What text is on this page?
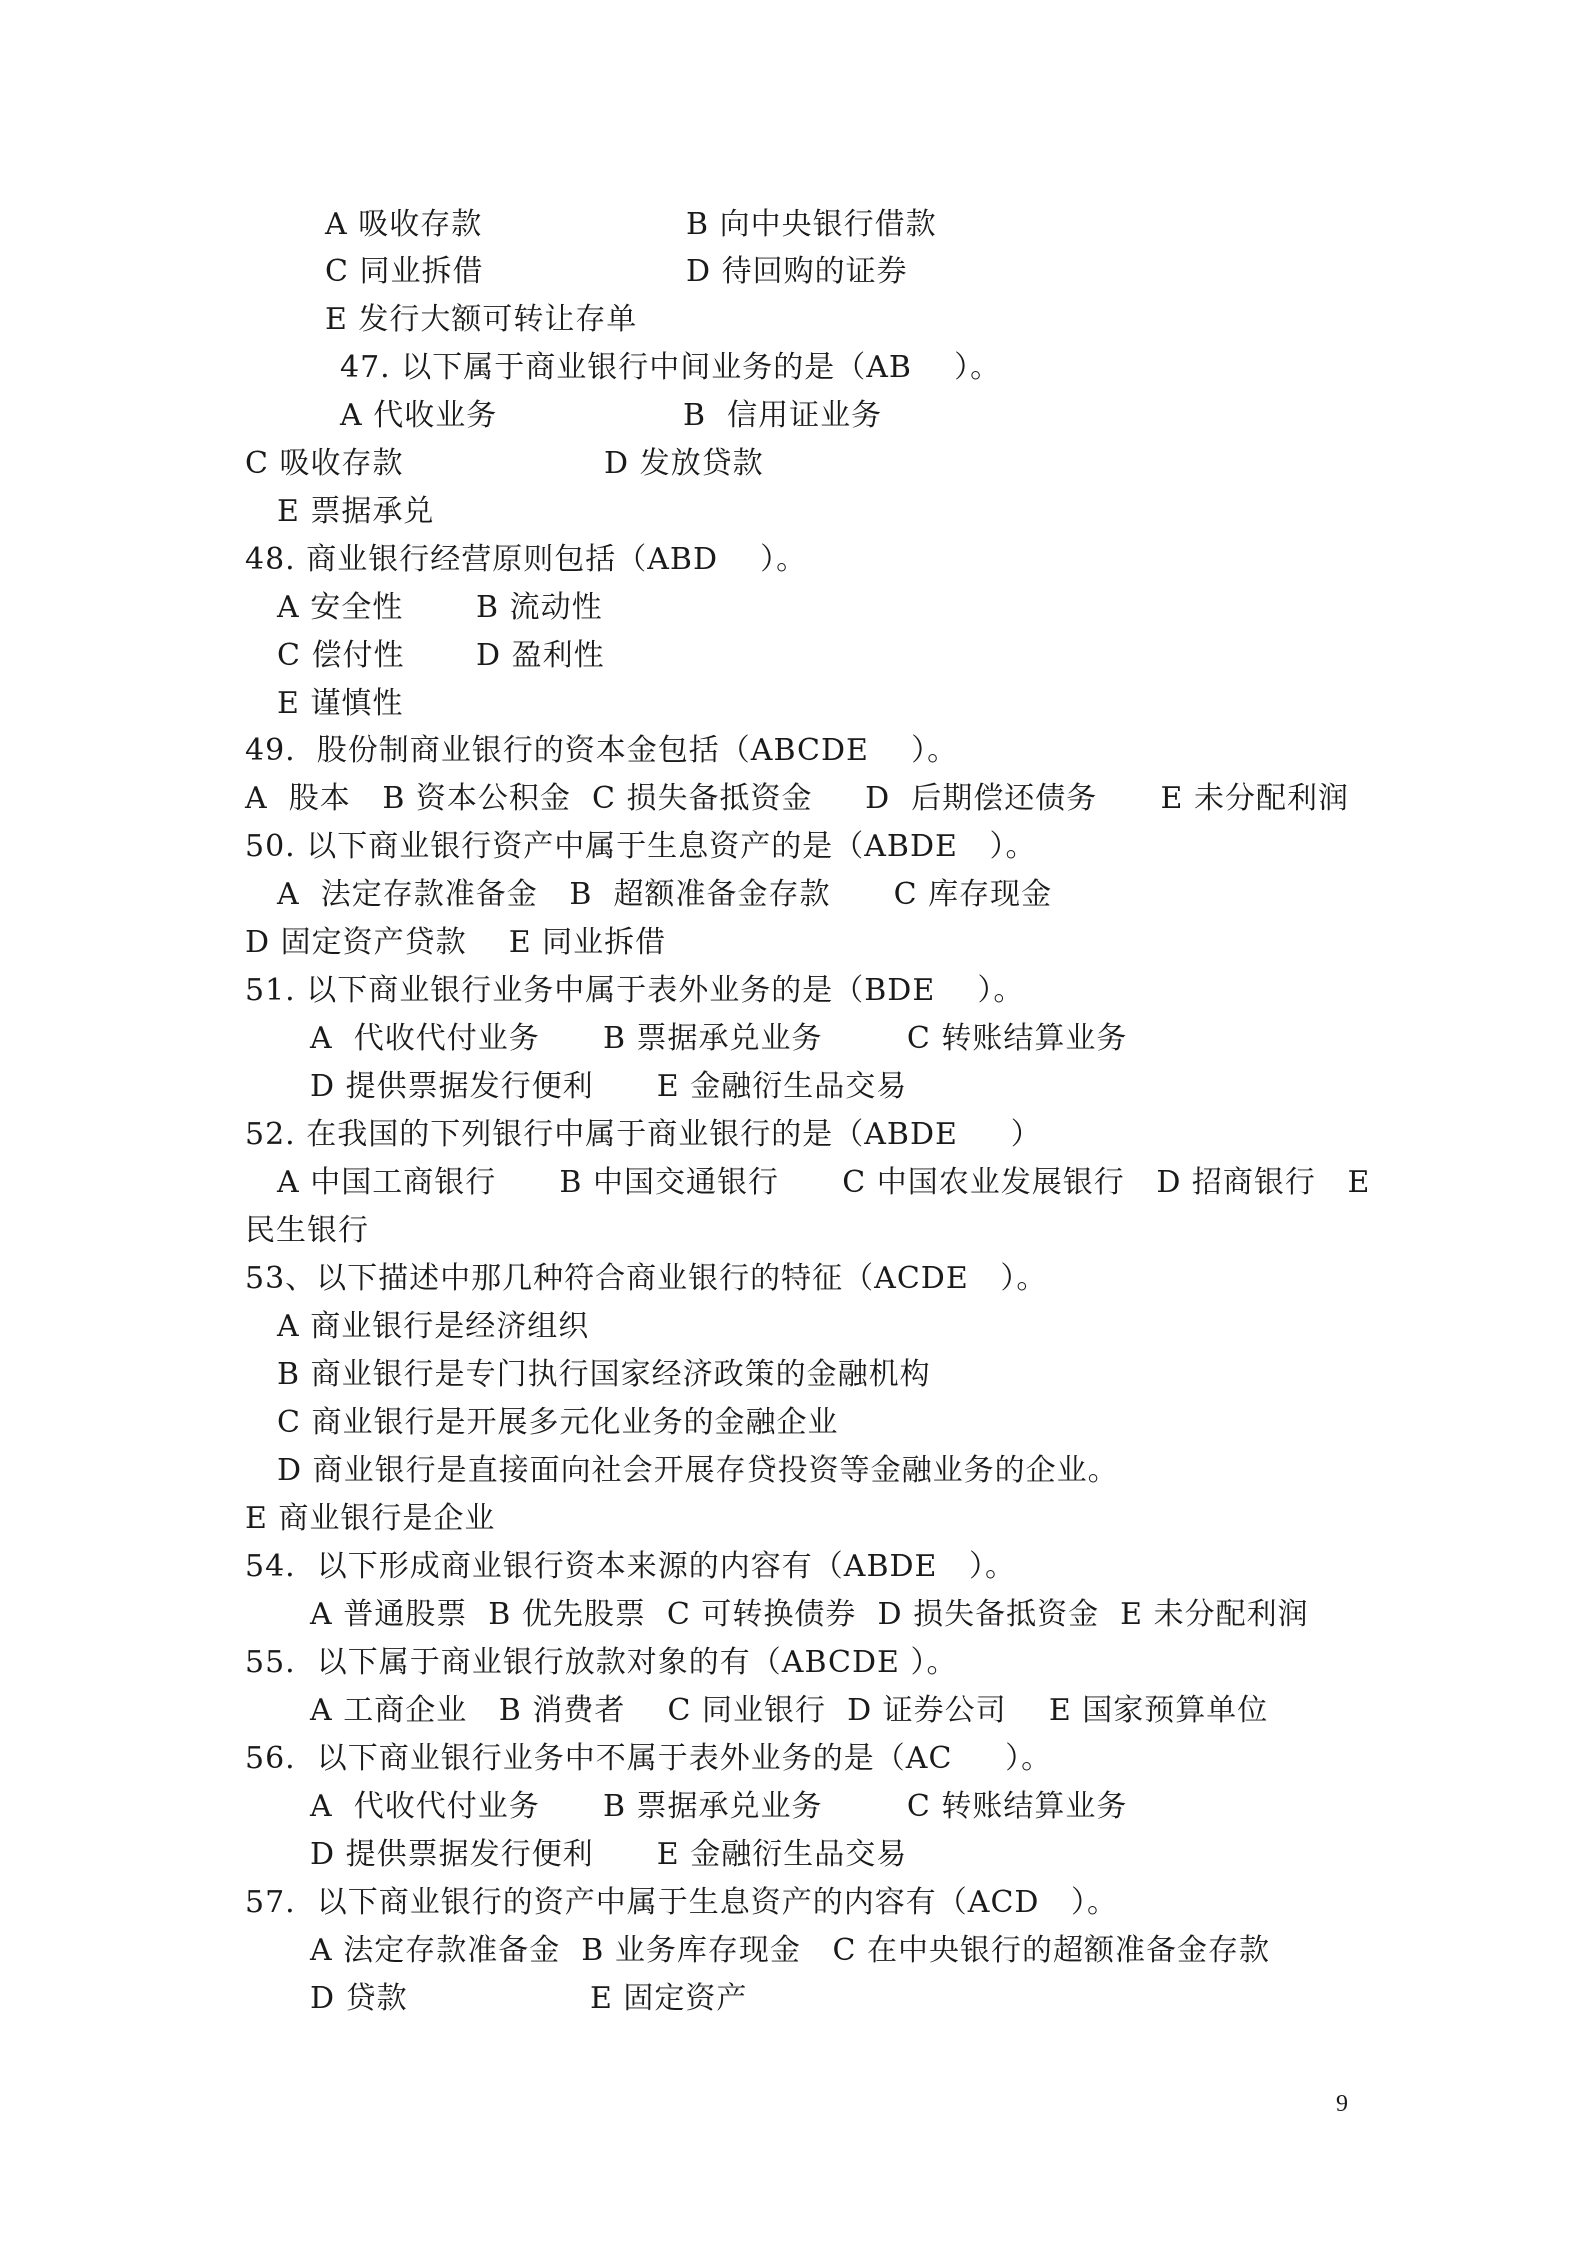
A 吸收存款	B 向中央银行借款
C 同业拆借	D 待回购的证券
E 发行大额可转让存单
47. 以下属于商业银行中间业务的是（AB    ）。
A 代收业务	B  信用证业务
C 吸收存款	D 发放贷款
E 票据承兑
48. 商业银行经营原则包括（ABD    ）。
A 安全性 B 流动性
C 偿付性 D 盈利性
E 谨慎性
49.  股份制商业银行的资本金包括（ABCDE    ）。
A  股本   B 资本公积金  C 损失备抵资金     D  后期偿还债务      E 未分配利润
50. 以下商业银行资产中属于生息资产的是（ABDE   ）。
A  法定存款准备金   B  超额准备金存款      C 库存现金
D 固定资产贷款    E 同业拆借
51. 以下商业银行业务中属于表外业务的是（BDE    ）。
A  代收代付业务      B 票据承兑业务        C 转账结算业务
D 提供票据发行便利      E 金融衍生品交易
52. 在我国的下列银行中属于商业银行的是（ABDE     ）
A 中国工商银行      B 中国交通银行      C 中国农业发展银行   D 招商银行   E
民生银行
53、以下描述中那几种符合商业银行的特征（ACDE   ）。
A 商业银行是经济组织
B 商业银行是专门执行国家经济政策的金融机构
C 商业银行是开展多元化业务的金融企业
D 商业银行是直接面向社会开展存贷投资等金融业务的企业。
E 商业银行是企业
54.  以下形成商业银行资本来源的内容有（ABDE   ）。
A 普通股票  B 优先股票  C 可转换债券  D 损失备抵资金  E 未分配利润
55.  以下属于商业银行放款对象的有（ABCDE ）。
A 工商企业   B 消费者    C 同业银行  D 证券公司    E 国家预算单位
56.  以下商业银行业务中不属于表外业务的是（AC     ）。
A  代收代付业务      B 票据承兑业务        C 转账结算业务
D 提供票据发行便利      E 金融衍生品交易
57.  以下商业银行的资产中属于生息资产的内容有（ACD   ）。
A 法定存款准备金  B 业务库存现金   C 在中央银行的超额准备金存款
D 贷款	E 固定资产
9
